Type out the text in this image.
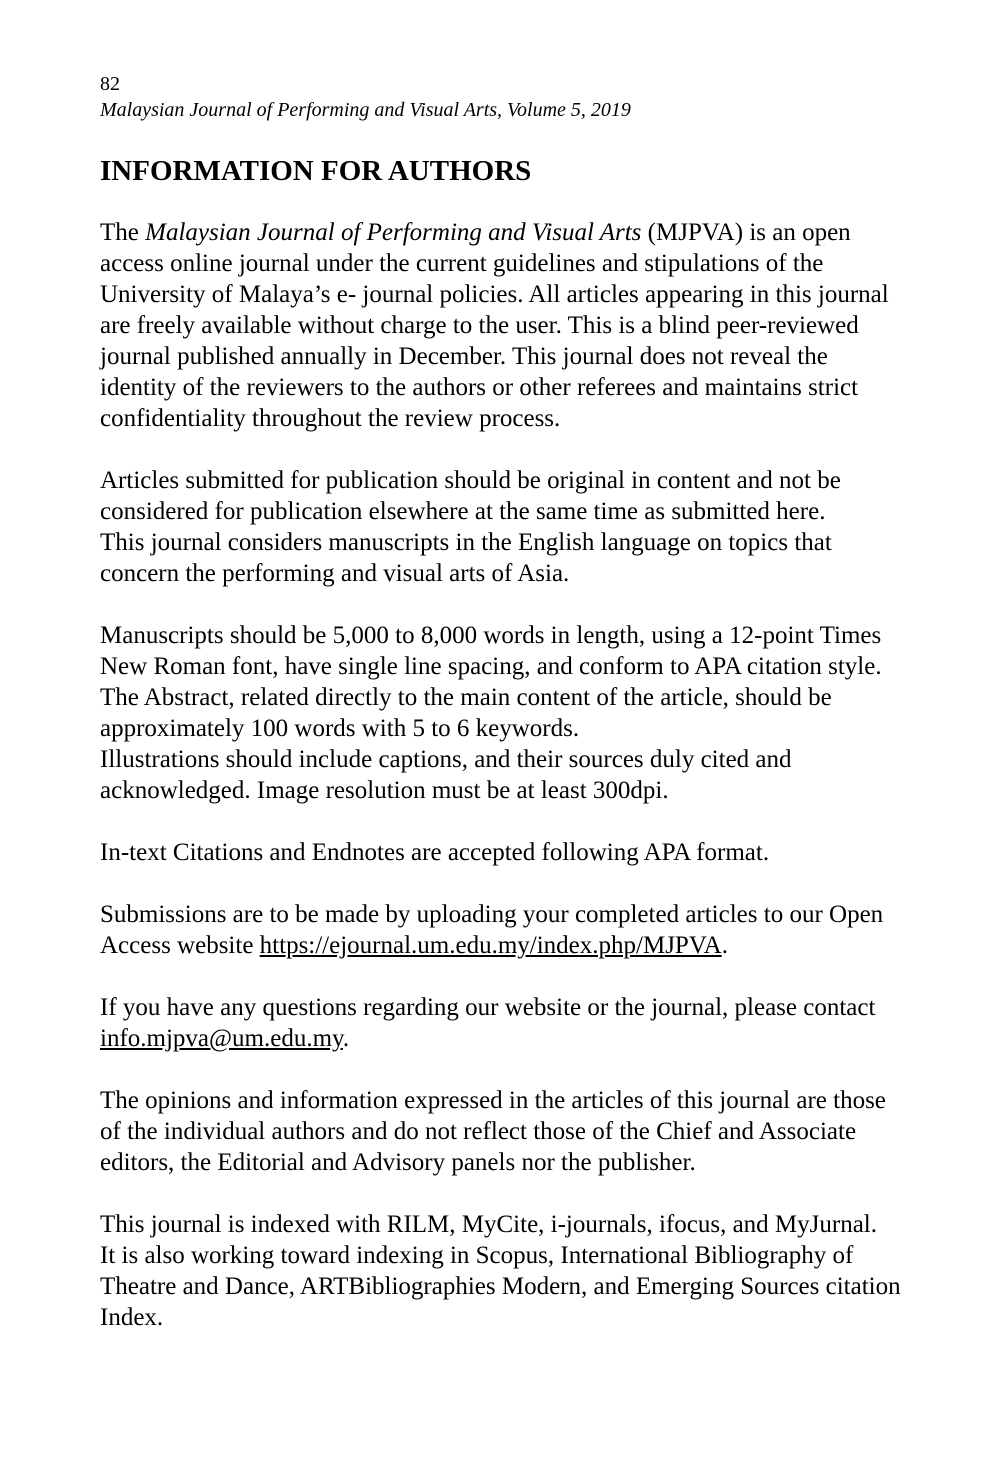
82
Malaysian Journal of Performing and Visual Arts, Volume 5, 2019
INFORMATION FOR AUTHORS

The Malaysian Journal of Performing and Visual Arts (MJPVA) is an open
access online journal under the current guidelines and stipulations of the
University of Malaya’s e- journal policies. All articles appearing in this journal
are freely available without charge to the user. This is a blind peer-reviewed
journal published annually in December. This journal does not reveal the
identity of the reviewers to the authors or other referees and maintains strict
confidentiality throughout the review process.

Articles submitted for publication should be original in content and not be
considered for publication elsewhere at the same time as submitted here.
This journal considers manuscripts in the English language on topics that
concern the performing and visual arts of Asia.

Manuscripts should be 5,000 to 8,000 words in length, using a 12-point Times
New Roman font, have single line spacing, and conform to APA citation style.
The Abstract, related directly to the main content of the article, should be
approximately 100 words with 5 to 6 keywords.
Illustrations should include captions, and their sources duly cited and
acknowledged. Image resolution must be at least 300dpi.

In-text Citations and Endnotes are accepted following APA format.

Submissions are to be made by uploading your completed articles to our Open
Access website https://ejournal.um.edu.my/index.php/MJPVA.

If you have any questions regarding our website or the journal, please contact
info.mjpva@um.edu.my.

The opinions and information expressed in the articles of this journal are those
of the individual authors and do not reflect those of the Chief and Associate
editors, the Editorial and Advisory panels nor the publisher.

This journal is indexed with RILM, MyCite, i-journals, ifocus, and MyJurnal.
It is also working toward indexing in Scopus, International Bibliography of
Theatre and Dance, ARTBibliographies Modern, and Emerging Sources citation
Index.
